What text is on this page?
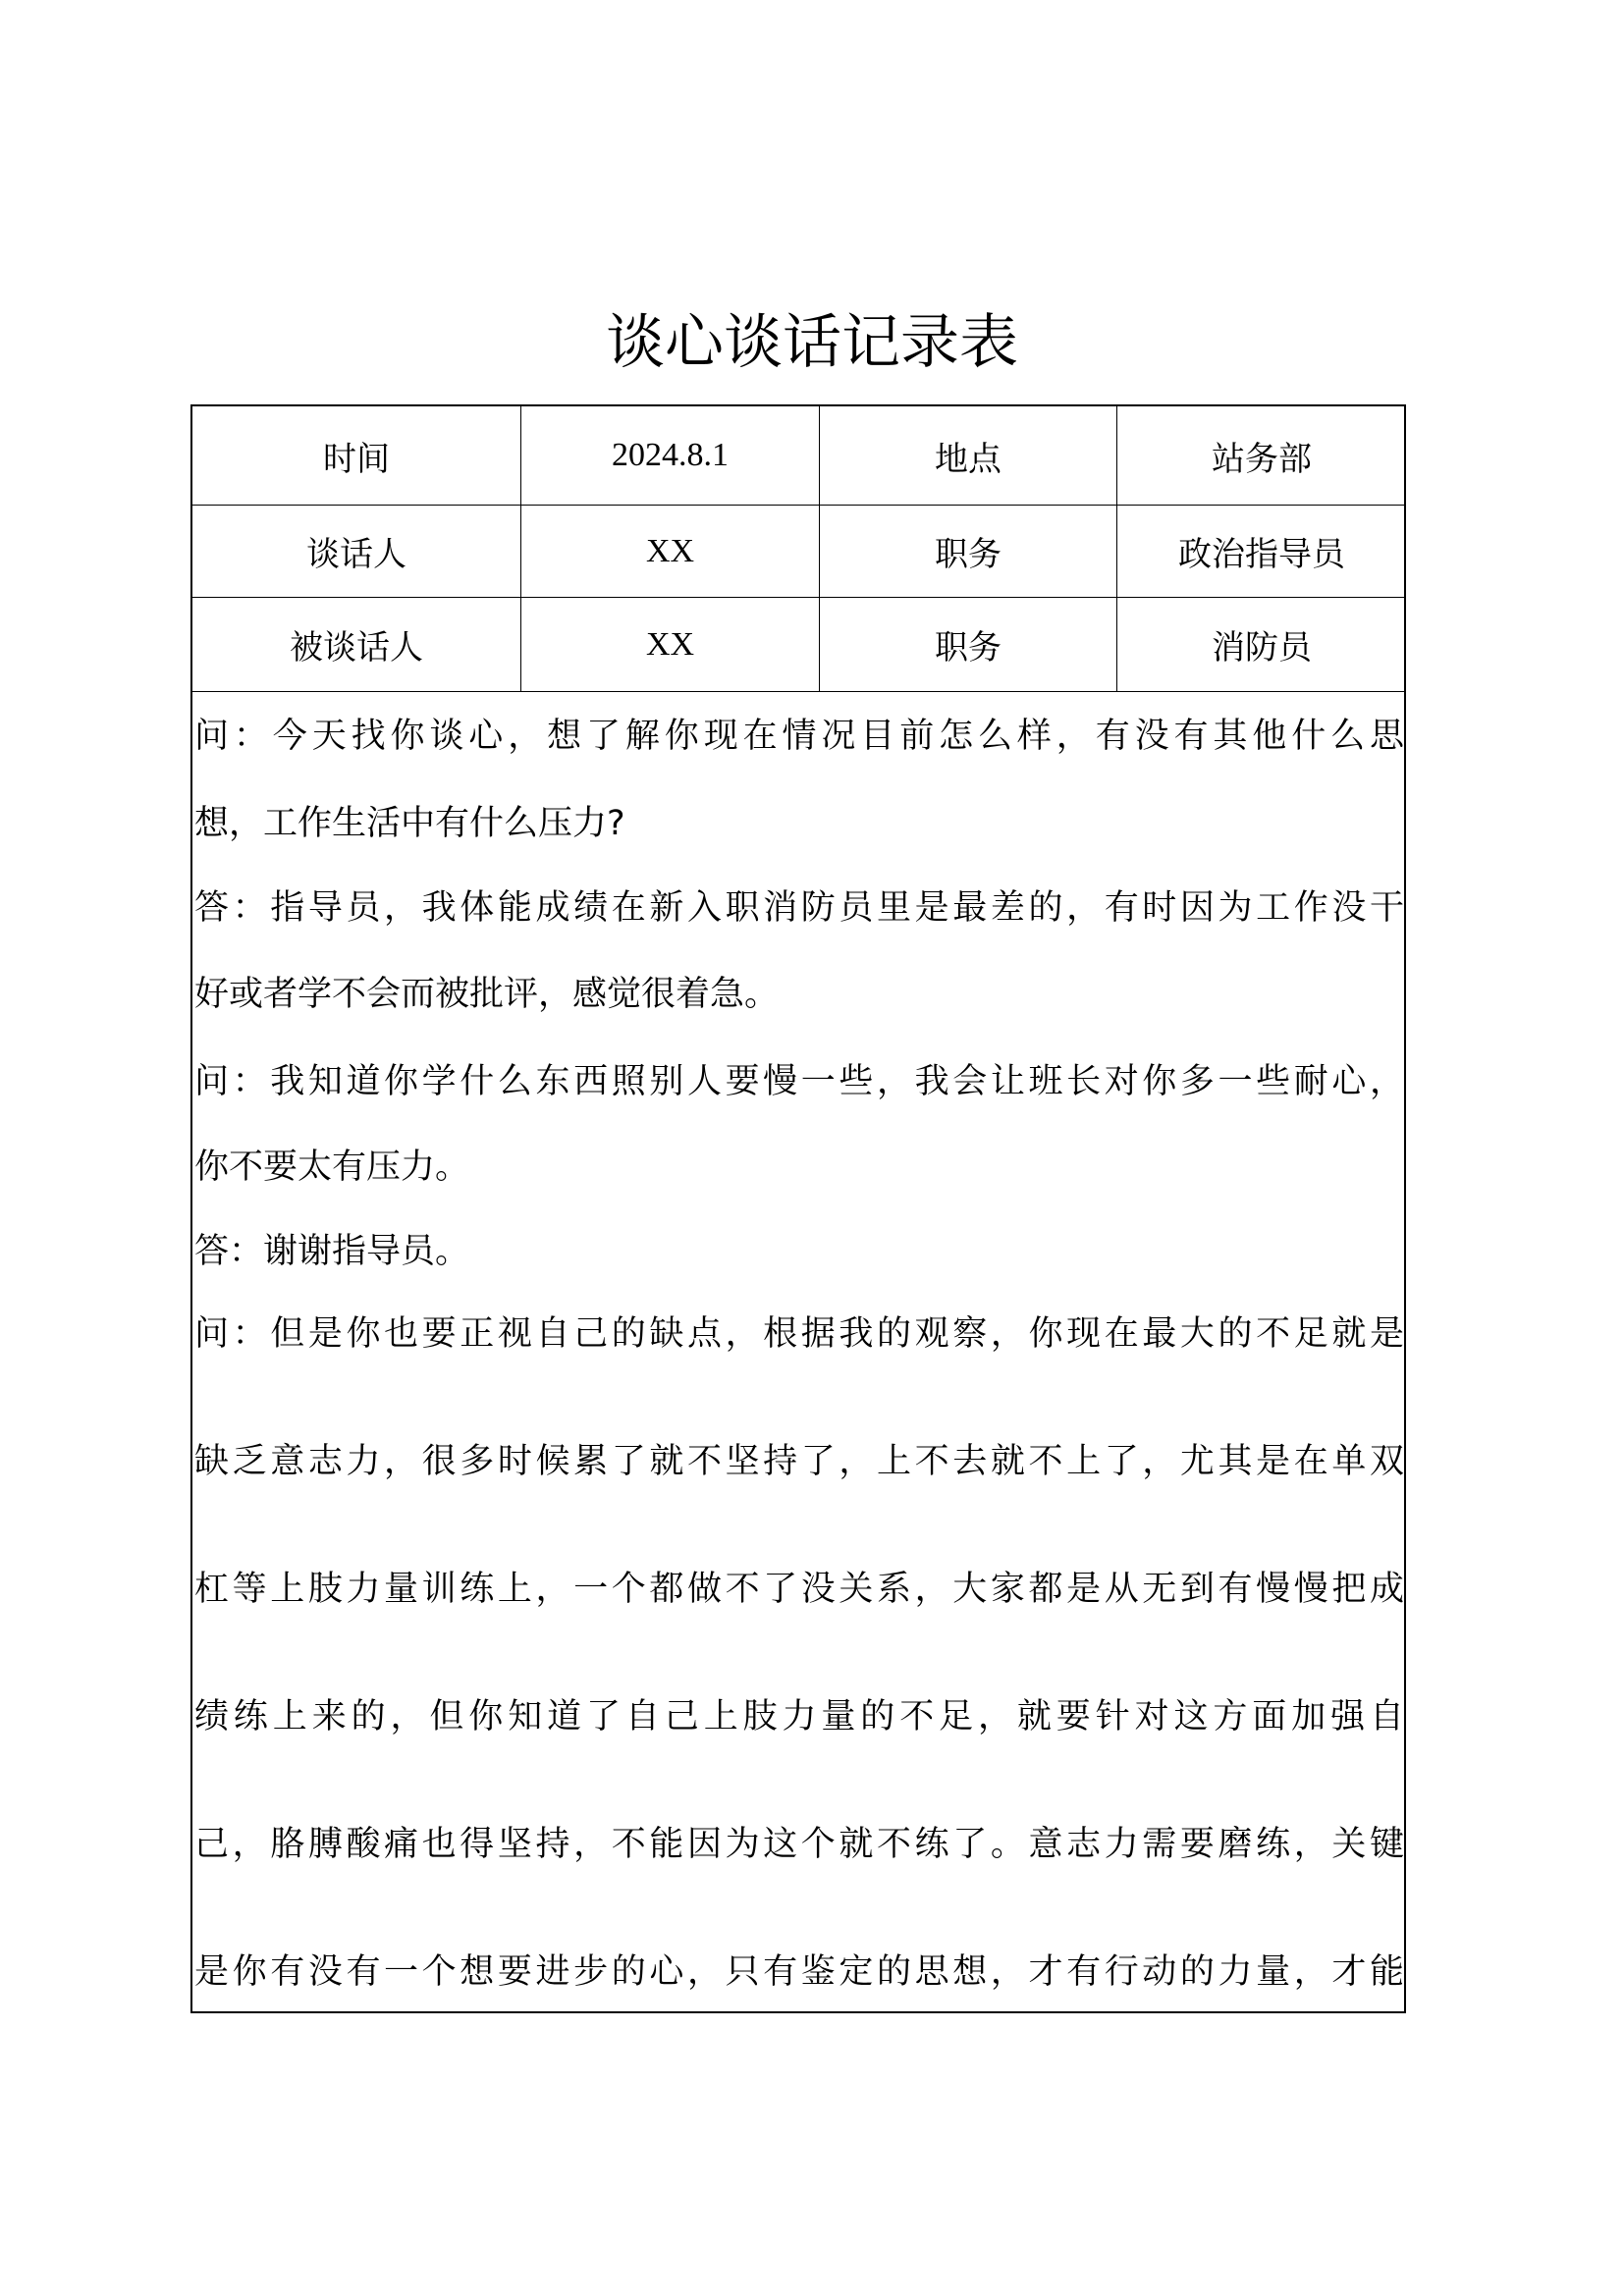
谈心谈话记录表
时间	2024.8.1	地点	站务部
谈话人	XX	职务	政治指导员
被谈话人	XX	职务	消防员
问：今天找你谈心，想了解你现在情况目前怎么样，有没有其他什么思
想，工作生活中有什么压力?
答：指导员，我体能成绩在新入职消防员里是最差的，有时因为工作没干
好或者学不会而被批评，感觉很着急。
问：我知道你学什么东西照别人要慢一些，我会让班长对你多一些耐心，
你不要太有压力。
答：谢谢指导员。
问：但是你也要正视自己的缺点，根据我的观察，你现在最大的不足就是
缺乏意志力，很多时候累了就不坚持了，上不去就不上了，尤其是在单双
杠等上肢力量训练上，一个都做不了没关系，大家都是从无到有慢慢把成
绩练上来的，但你知道了自己上肢力量的不足，就要针对这方面加强自
己，胳膊酸痛也得坚持，不能因为这个就不练了。意志力需要磨练，关键
是你有没有一个想要进步的心，只有鉴定的思想，才有行动的力量，才能
